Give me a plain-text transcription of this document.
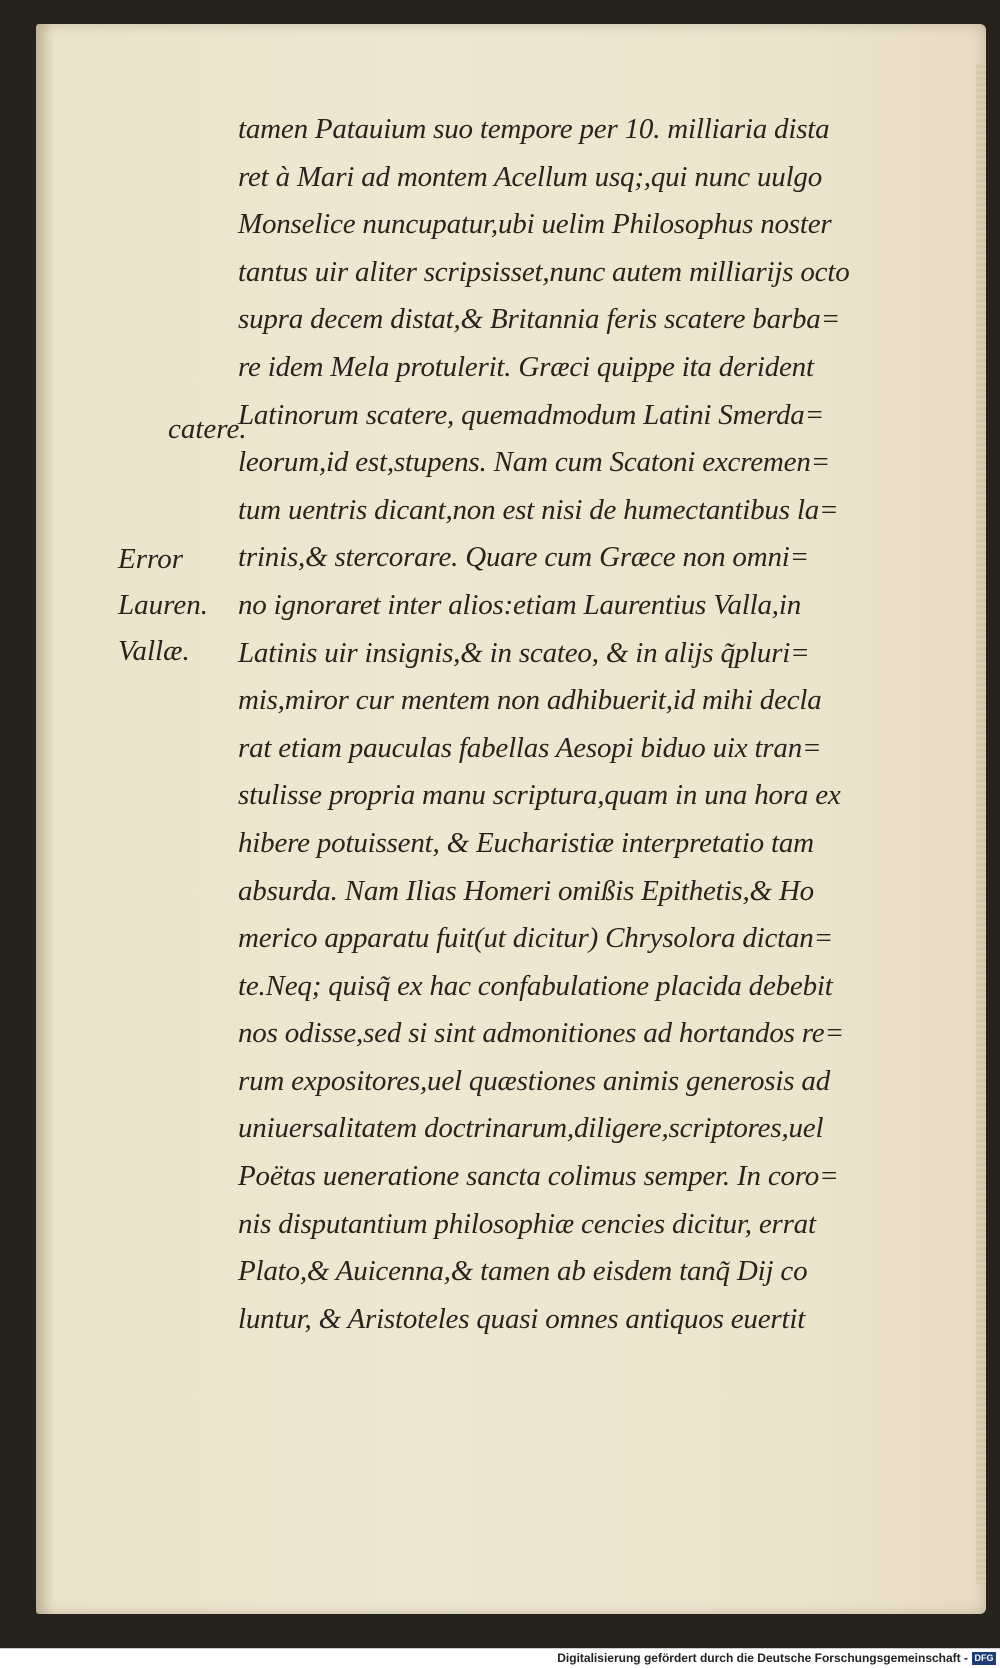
catere.
Error
Lauren.
Vallæ.
tamen Patauium suo tempore per 10. milliaria dista
ret à Mari ad montem Acellum usq;,qui nunc uulgo
Monselice nuncupatur,ubi uelim Philosophus noster
tantus uir aliter scripsisset,nunc autem milliarijs octo
supra decem distat,& Britannia feris scatere barba=
re idem Mela protulerit. Græci quippe ita derident
Latinorum scatere, quemadmodum Latini Smerda=
leorum,id est,stupens. Nam cum Scatoni excremen=
tum uentris dicant,non est nisi de humectantibus la=
trinis,& stercorare. Quare cum Græce non omni=
no ignoraret inter alios:etiam Laurentius Valla,in
Latinis uir insignis,& in scateo, & in alijs q̃pluri=
mis,miror cur mentem non adhibuerit,id mihi decla
rat etiam pauculas fabellas Aesopi biduo uix tran=
stulisse propria manu scriptura,quam in una hora ex
hibere potuissent, & Eucharistiæ interpretatio tam
absurda. Nam Ilias Homeri omißis Epithetis,& Ho
merico apparatu fuit(ut dicitur) Chrysolora dictan=
te.Neq; quisq̃ ex hac confabulatione placida debebit
nos odisse,sed si sint admonitiones ad hortandos re=
rum expositores,uel quæstiones animis generosis ad
uniuersalitatem doctrinarum,diligere,scriptores,uel
Poëtas ueneratione sancta colimus semper. In coro=
nis disputantium philosophiæ cencies dicitur, errat
Plato,& Auicenna,& tamen ab eisdem tanq̃ Dij co
luntur, & Aristoteles quasi omnes antiquos euertit
Digitalisierung gefördert durch die Deutsche Forschungsgemeinschaft - DFG
